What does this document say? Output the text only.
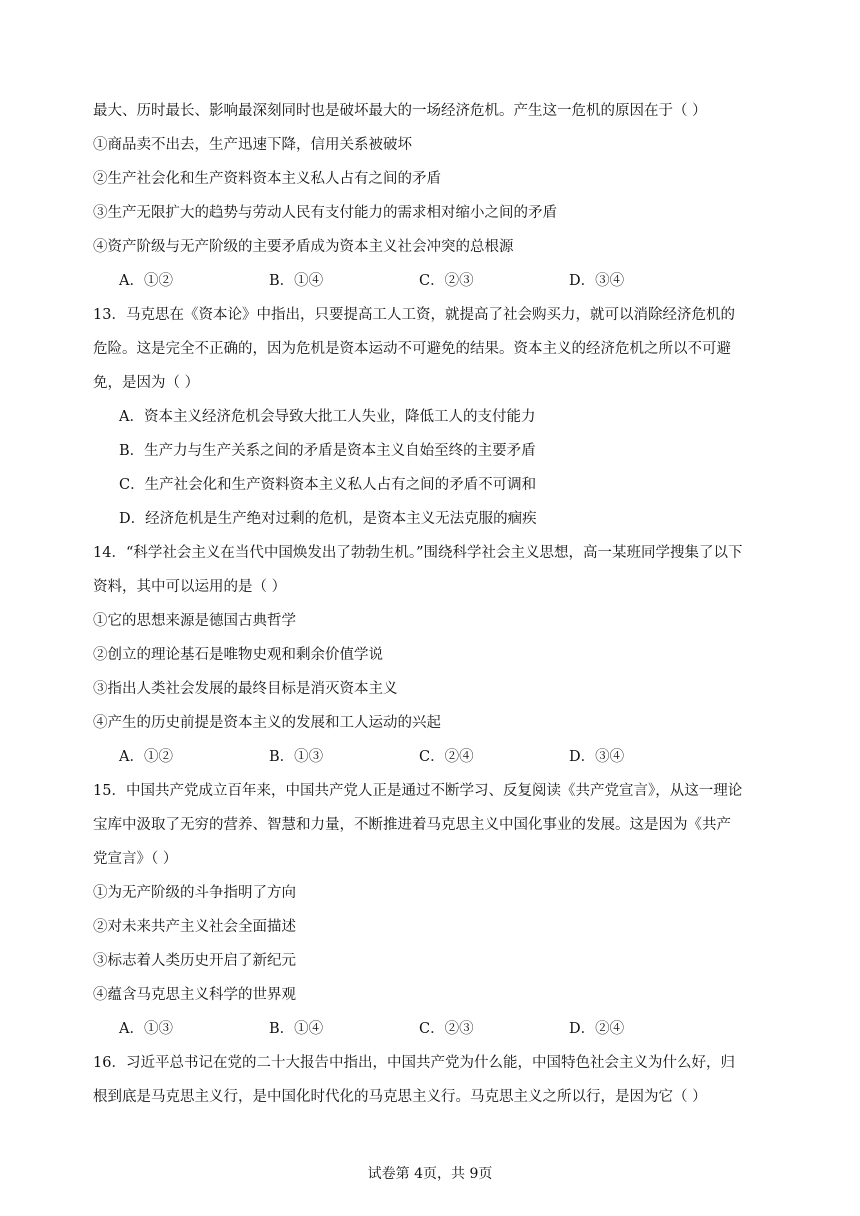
最大、历时最长、影响最深刻同时也是破坏最大的一场经济危机。产生这一危机的原因在于（ ）
①商品卖不出去，生产迅速下降，信用关系被破坏
②生产社会化和生产资料资本主义私人占有之间的矛盾
③生产无限扩大的趋势与劳动人民有支付能力的需求相对缩小之间的矛盾
④资产阶级与无产阶级的主要矛盾成为资本主义社会冲突的总根源
A．①②	B．①④	C．②③	D．③④
13．马克思在《资本论》中指出，只要提高工人工资，就提高了社会购买力，就可以消除经济危机的
危险。这是完全不正确的，因为危机是资本运动不可避免的结果。资本主义的经济危机之所以不可避
免，是因为（ ）
A．资本主义经济危机会导致大批工人失业，降低工人的支付能力
B．生产力与生产关系之间的矛盾是资本主义自始至终的主要矛盾
C．生产社会化和生产资料资本主义私人占有之间的矛盾不可调和
D．经济危机是生产绝对过剩的危机，是资本主义无法克服的痼疾
14．“科学社会主义在当代中国焕发出了勃勃生机。”围绕科学社会主义思想，高一某班同学搜集了以下
资料，其中可以运用的是（ ）
①它的思想来源是德国古典哲学
②创立的理论基石是唯物史观和剩余价值学说
③指出人类社会发展的最终目标是消灭资本主义
④产生的历史前提是资本主义的发展和工人运动的兴起
A．①②	B．①③	C．②④	D．③④
15．中国共产党成立百年来，中国共产党人正是通过不断学习、反复阅读《共产党宣言》，从这一理论
宝库中汲取了无穷的营养、智慧和力量，不断推进着马克思主义中国化事业的发展。这是因为《共产
党宣言》（ ）
①为无产阶级的斗争指明了方向
②对未来共产主义社会全面描述
③标志着人类历史开启了新纪元
④蕴含马克思主义科学的世界观
A．①③	B．①④	C．②③	D．②④
16．习近平总书记在党的二十大报告中指出，中国共产党为什么能，中国特色社会主义为什么好，归
根到底是马克思主义行，是中国化时代化的马克思主义行。马克思主义之所以行，是因为它（ ）
试卷第 4页，共 9页
